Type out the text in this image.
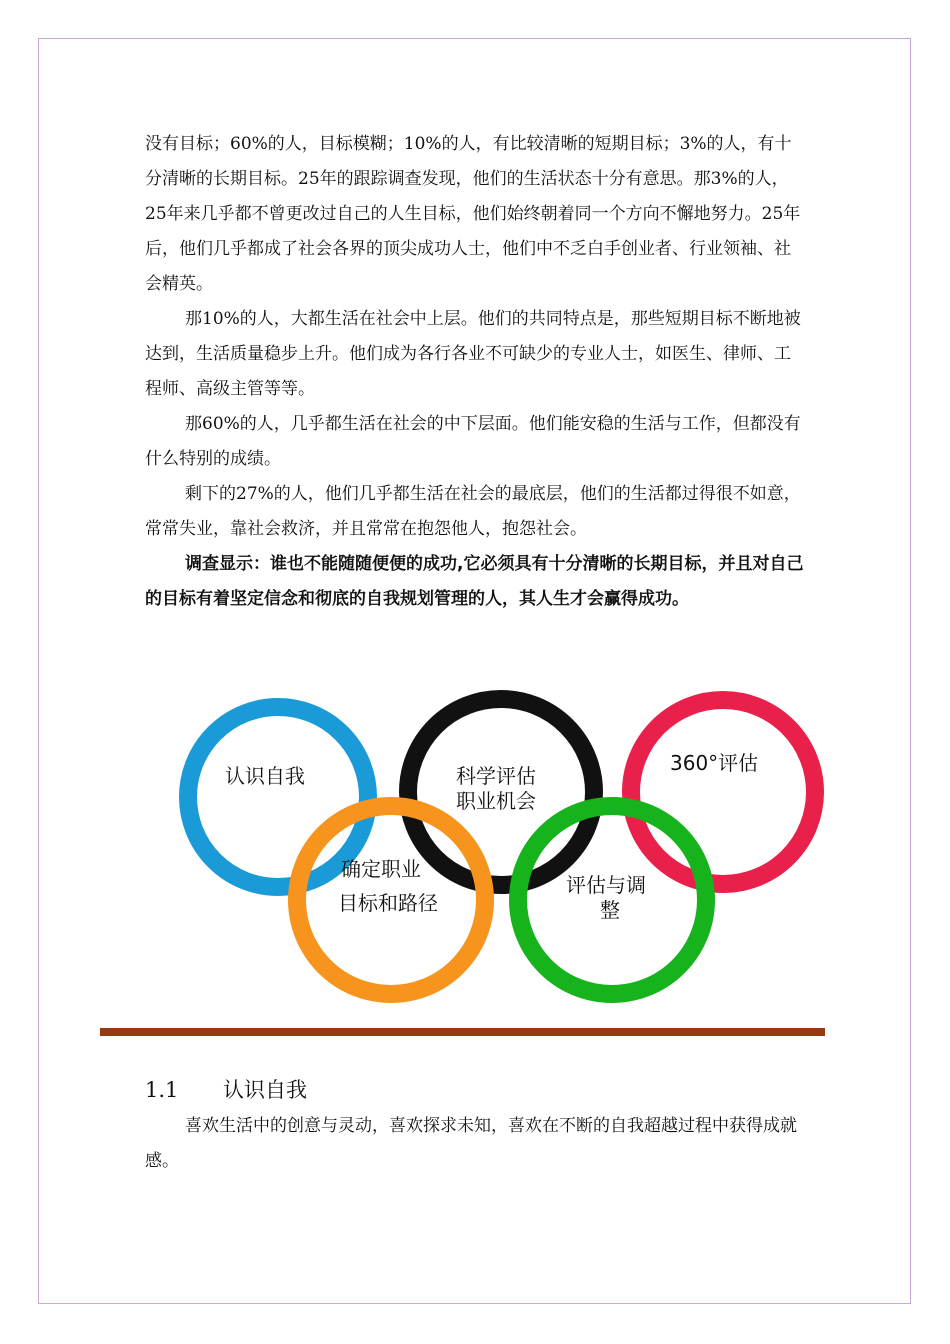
没有目标；60%的人，目标模糊；10%的人，有比较清晰的短期目标；3%的人，有十分清晰的长期目标。25年的跟踪调查发现，他们的生活状态十分有意思。那3%的人，25年来几乎都不曾更改过自己的人生目标，他们始终朝着同一个方向不懈地努力。25年后，他们几乎都成了社会各界的顶尖成功人士，他们中不乏白手创业者、行业领袖、社会精英。

那10%的人，大都生活在社会中上层。他们的共同特点是，那些短期目标不断地被达到，生活质量稳步上升。他们成为各行各业不可缺少的专业人士，如医生、律师、工程师、高级主管等等。

那60%的人，几乎都生活在社会的中下层面。他们能安稳的生活与工作，但都没有什么特别的成绩。

剩下的27%的人，他们几乎都生活在社会的最底层，他们的生活都过得很不如意，常常失业，靠社会救济，并且常常在抱怨他人，抱怨社会。

调查显示：谁也不能随随便便的成功,它必须具有十分清晰的长期目标，并且对自己的目标有着坚定信念和彻底的自我规划管理的人，其人生才会赢得成功。

认识自我	科学评估
职业机会
360°评估
确定职业
目标和路径
评估与调
整
1.1 认识自我

喜欢生活中的创意与灵动，喜欢探求未知，喜欢在不断的自我超越过程中获得成就感。
